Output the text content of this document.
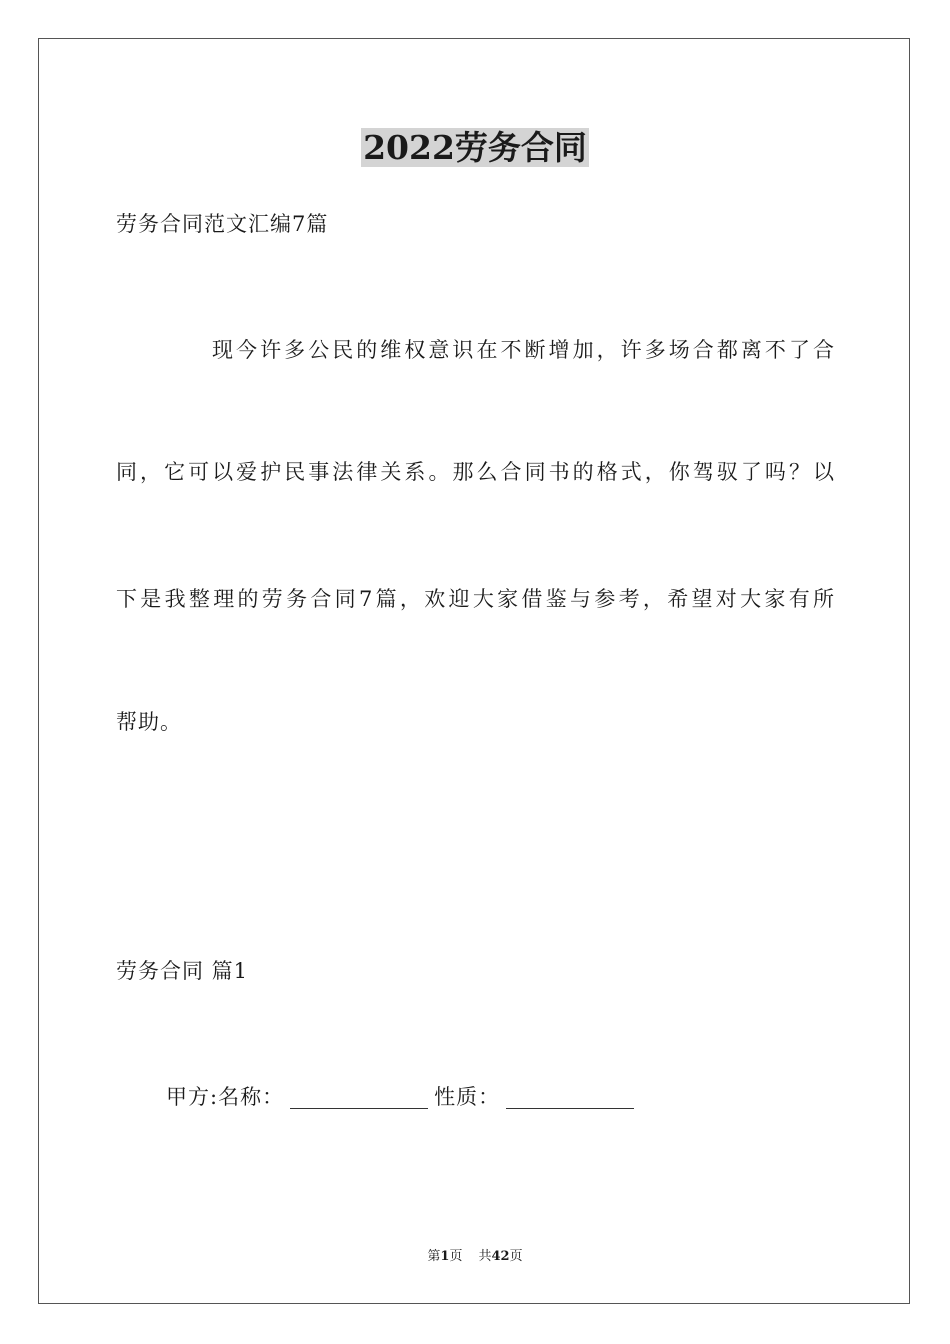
2022劳务合同
劳务合同范文汇编7篇
现今许多公民的维权意识在不断增加，许多场合都离不了合
同，它可以爱护民事法律关系。那么合同书的格式，你驾驭了吗？以
下是我整理的劳务合同7篇，欢迎大家借鉴与参考，希望对大家有所
帮助。
劳务合同 篇1
甲方:名称：	性质：
第1页 共42页
